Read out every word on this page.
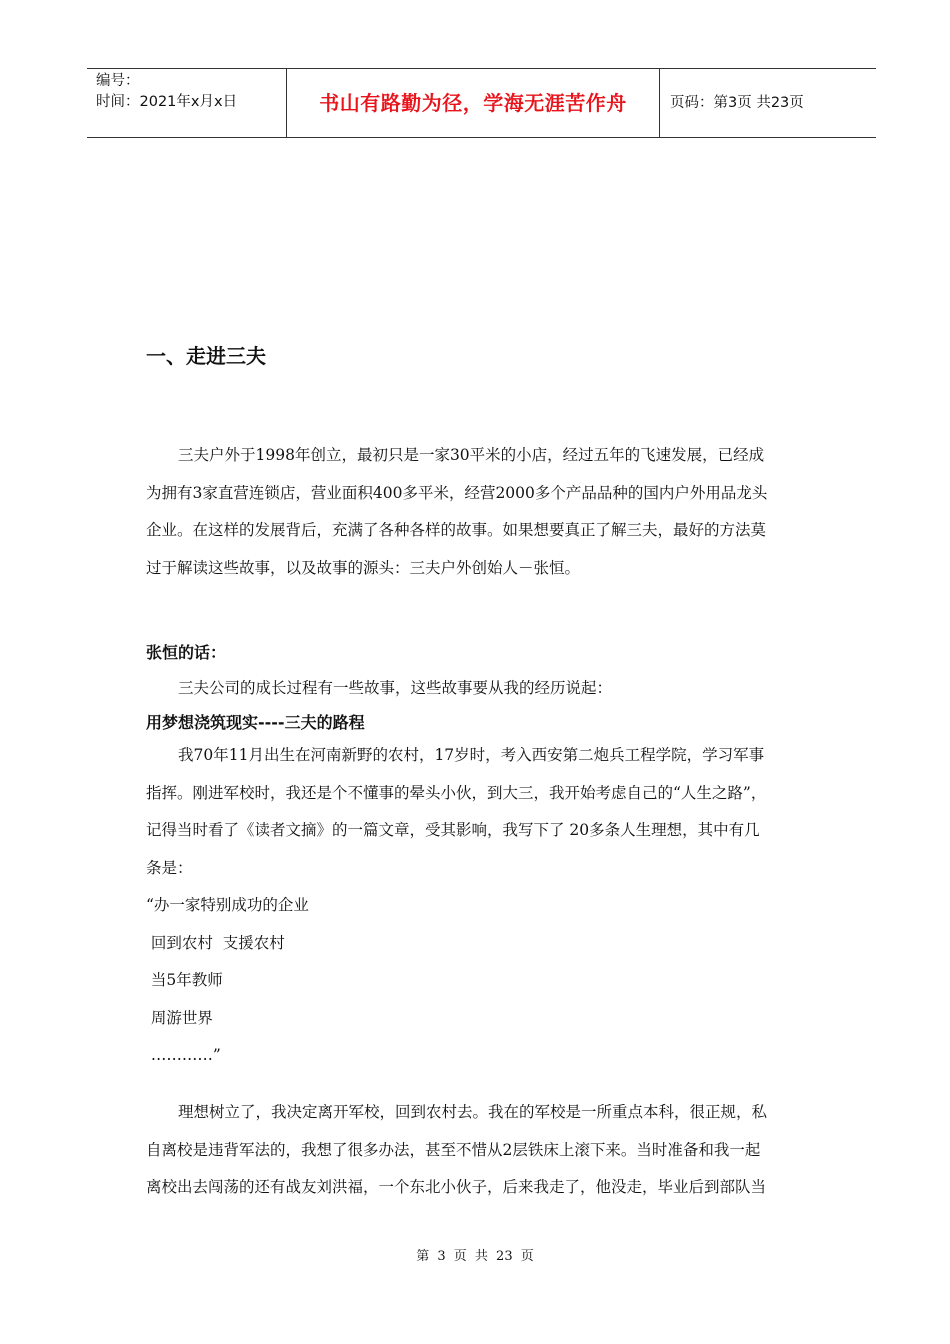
编号：
时间：2021年x月x日	书山有路勤为径，学海无涯苦作舟	页码：第3页 共23页
一、走进三夫

三夫户外于1998年创立，最初只是一家30平米的小店，经过五年的飞速发展，已经成
为拥有3家直营连锁店，营业面积400多平米，经营2000多个产品品种的国内户外用品龙头
企业。在这样的发展背后，充满了各种各样的故事。如果想要真正了解三夫，最好的方法莫
过于解读这些故事，以及故事的源头：三夫户外创始人－张恒。

张恒的话：
三夫公司的成长过程有一些故事，这些故事要从我的经历说起：
用梦想浇筑现实----三夫的路程

我70年11月出生在河南新野的农村，17岁时，考入西安第二炮兵工程学院，学习军事
指挥。刚进军校时，我还是个不懂事的晕头小伙，到大三，我开始考虑自己的“人生之路”，
记得当时看了《读者文摘》的一篇文章，受其影响，我写下了 20多条人生理想，其中有几
条是：

“办一家特别成功的企业
回到农村  支援农村
当5年教师
周游世界
…………”

理想树立了，我决定离开军校，回到农村去。我在的军校是一所重点本科，很正规，私
自离校是违背军法的，我想了很多办法，甚至不惜从2层铁床上滚下来。当时准备和我一起
离校出去闯荡的还有战友刘洪福，一个东北小伙子，后来我走了，他没走，毕业后到部队当

第 3 页 共 23 页
